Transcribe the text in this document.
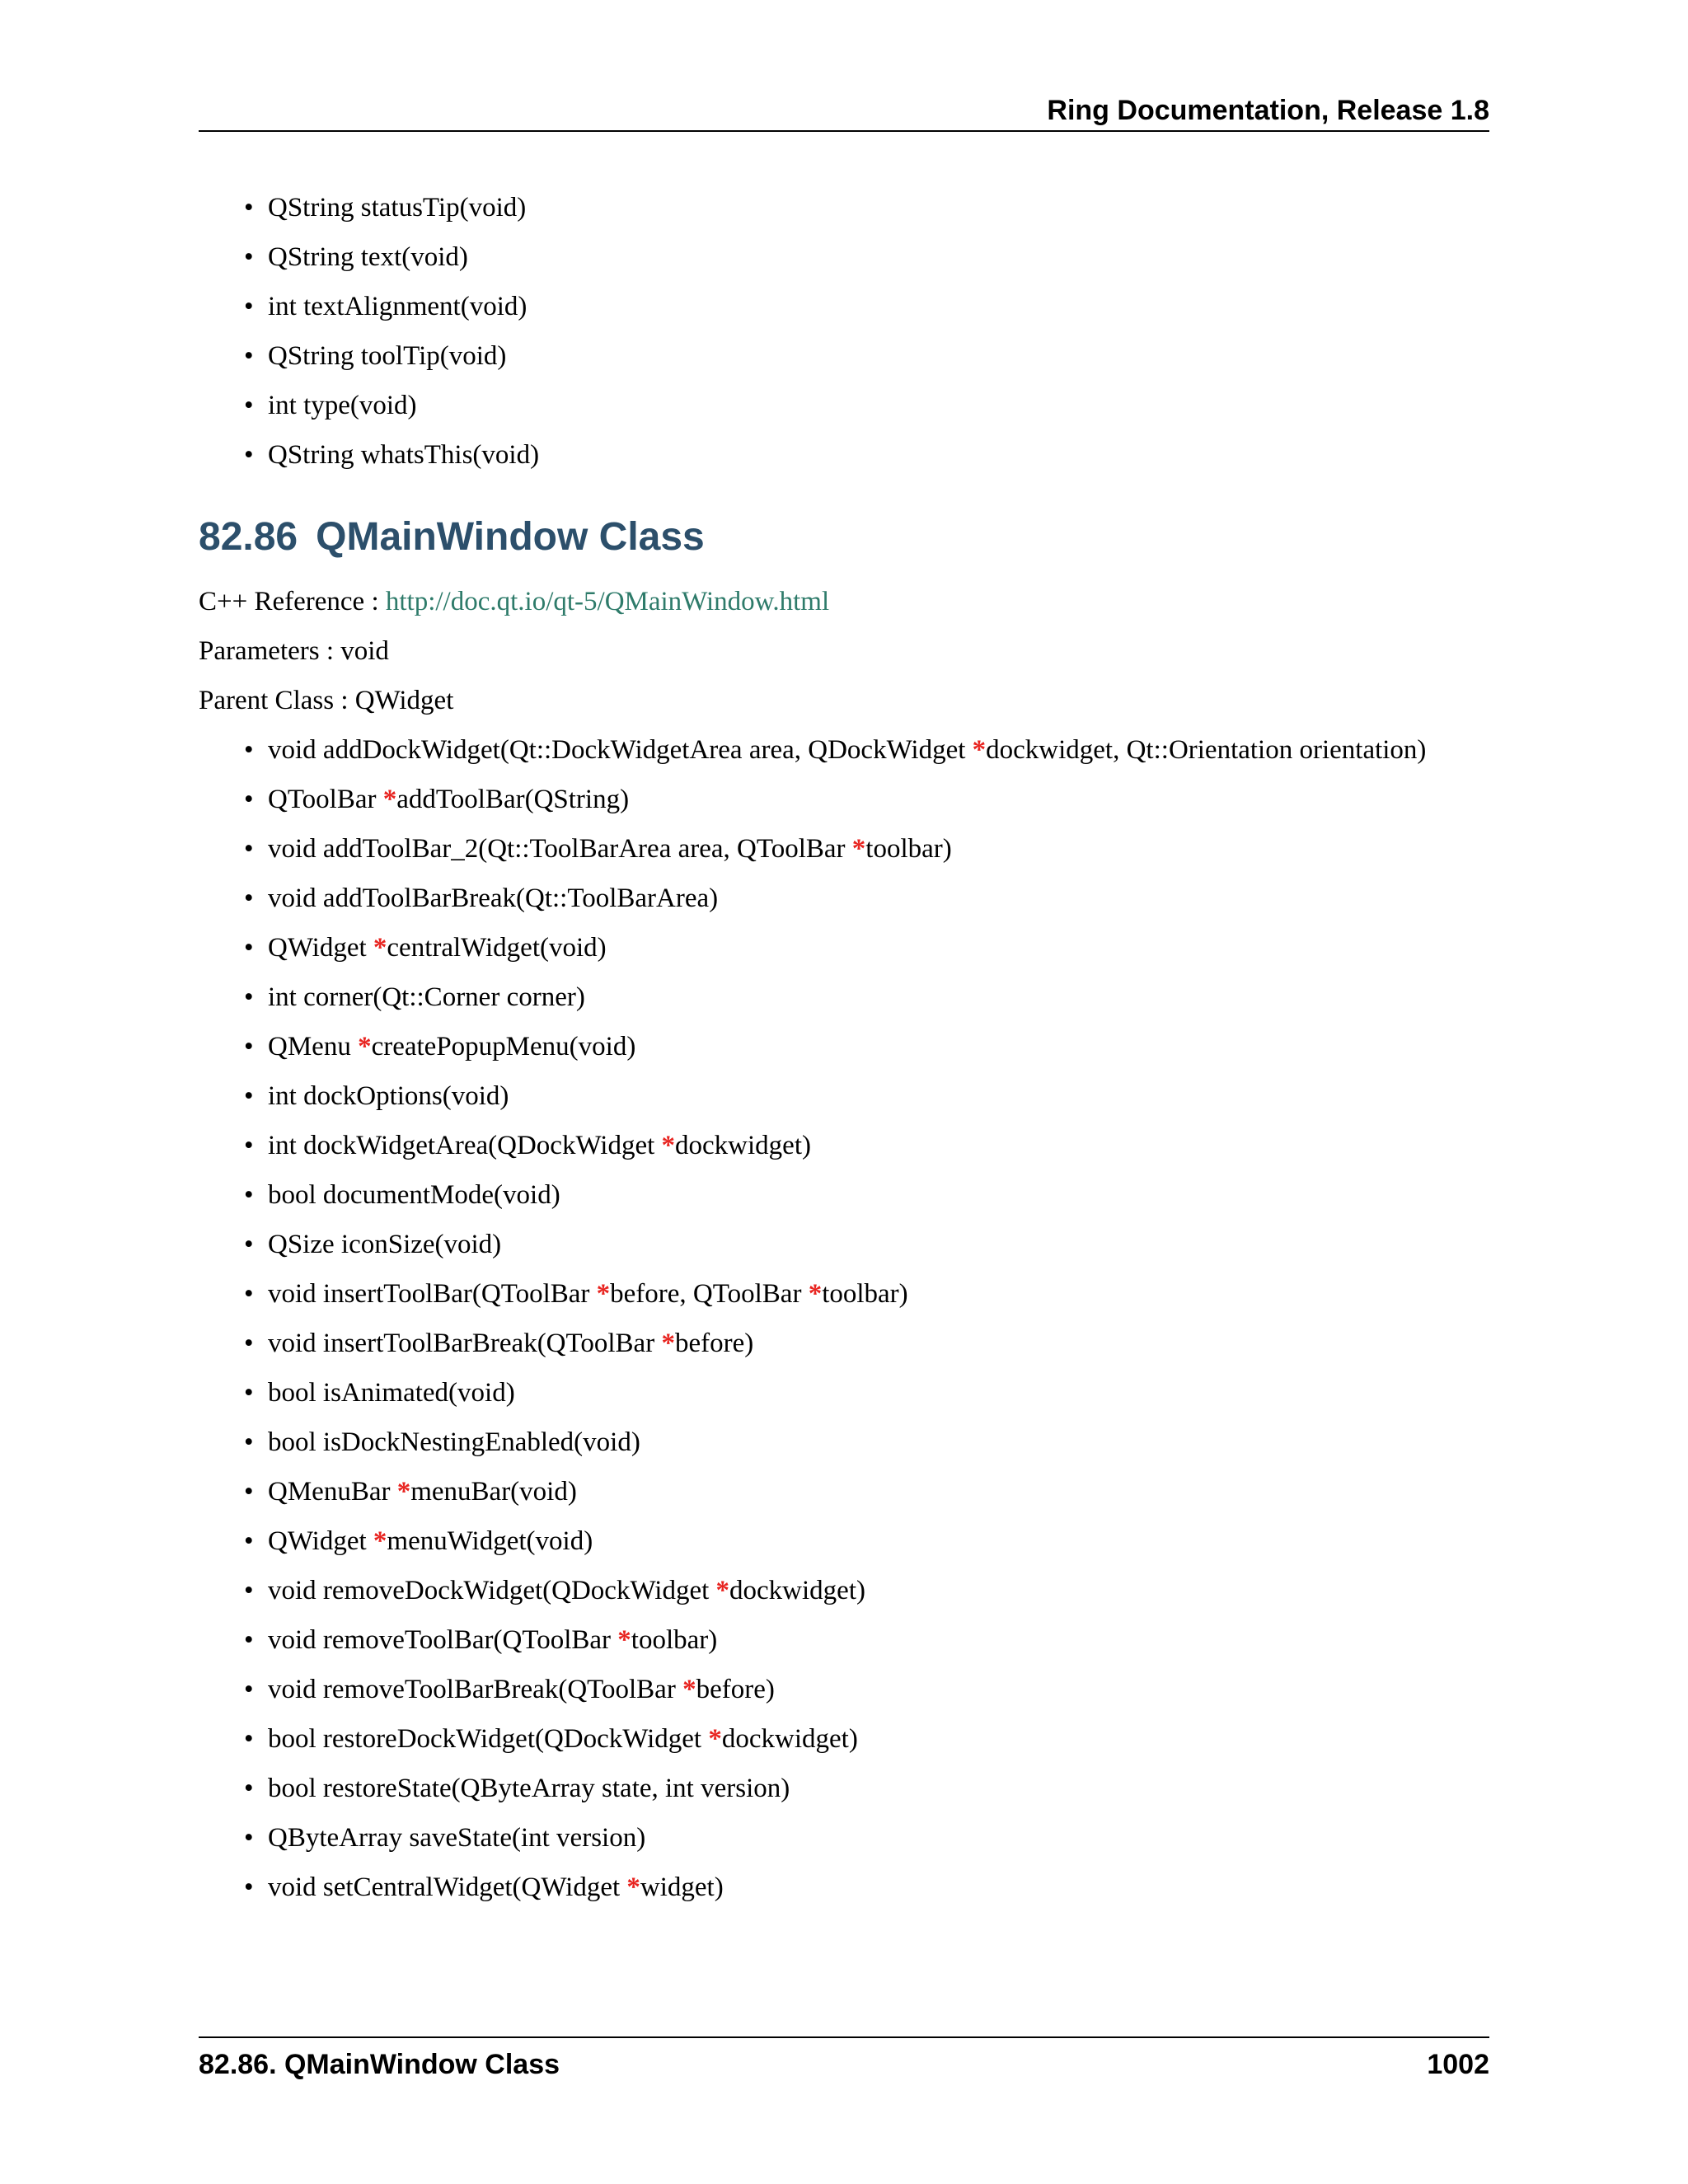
Ring Documentation, Release 1.8
• QString statusTip(void)
• QString text(void)
• int textAlignment(void)
• QString toolTip(void)
• int type(void)
• QString whatsThis(void)
82.86 QMainWindow Class
C++ Reference : http://doc.qt.io/qt-5/QMainWindow.html
Parameters : void
Parent Class : QWidget
• void addDockWidget(Qt::DockWidgetArea area, QDockWidget *dockwidget, Qt::Orientation orientation)
• QToolBar *addToolBar(QString)
• void addToolBar_2(Qt::ToolBarArea area, QToolBar *toolbar)
• void addToolBarBreak(Qt::ToolBarArea)
• QWidget *centralWidget(void)
• int corner(Qt::Corner corner)
• QMenu *createPopupMenu(void)
• int dockOptions(void)
• int dockWidgetArea(QDockWidget *dockwidget)
• bool documentMode(void)
• QSize iconSize(void)
• void insertToolBar(QToolBar *before, QToolBar *toolbar)
• void insertToolBarBreak(QToolBar *before)
• bool isAnimated(void)
• bool isDockNestingEnabled(void)
• QMenuBar *menuBar(void)
• QWidget *menuWidget(void)
• void removeDockWidget(QDockWidget *dockwidget)
• void removeToolBar(QToolBar *toolbar)
• void removeToolBarBreak(QToolBar *before)
• bool restoreDockWidget(QDockWidget *dockwidget)
• bool restoreState(QByteArray state, int version)
• QByteArray saveState(int version)
• void setCentralWidget(QWidget *widget)
82.86. QMainWindow Class	1002
